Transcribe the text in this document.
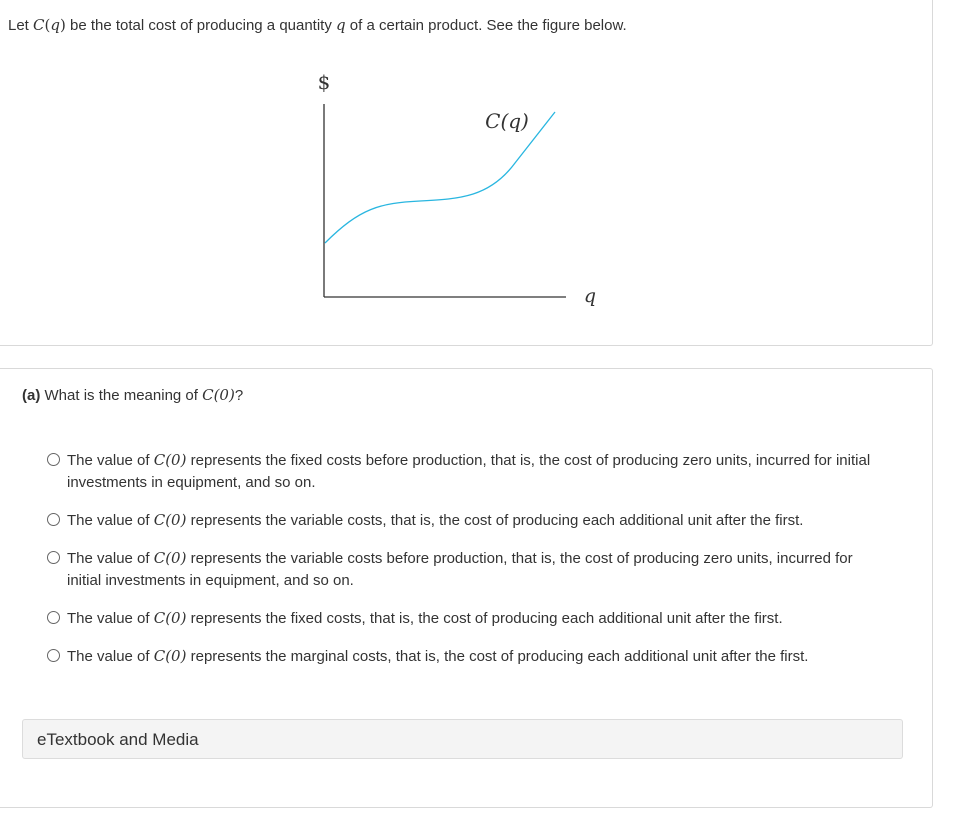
Let C(q) be the total cost of producing a quantity q of a certain product. See the figure below.
$
q
C(q)
(a) What is the meaning of C(0)?
The value of C(0) represents the fixed costs before production, that is, the cost of producing zero units, incurred for initial investments in equipment, and so on.
The value of C(0) represents the variable costs, that is, the cost of producing each additional unit after the first.
The value of C(0) represents the variable costs before production, that is, the cost of producing zero units, incurred for initial investments in equipment, and so on.
The value of C(0) represents the fixed costs, that is, the cost of producing each additional unit after the first.
The value of C(0) represents the marginal costs, that is, the cost of producing each additional unit after the first.
eTextbook and Media
